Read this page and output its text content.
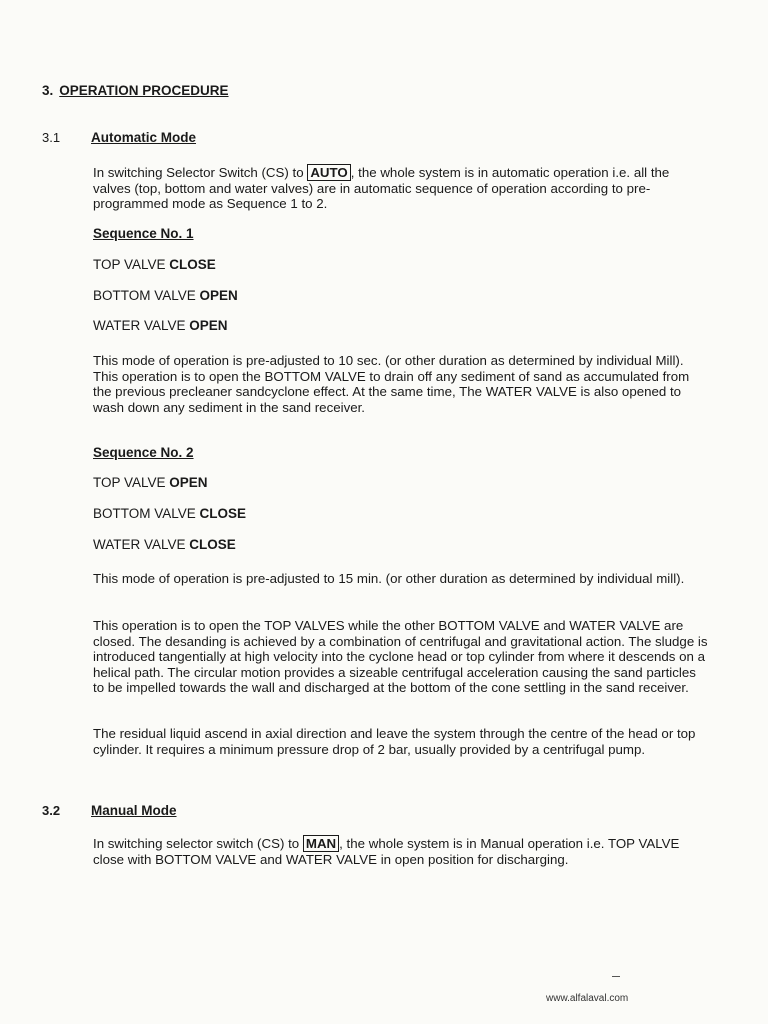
3. OPERATION PROCEDURE
3.1 Automatic Mode
In switching Selector Switch (CS) to AUTO , the whole system is in automatic operation i.e. all the valves (top, bottom and water valves) are in automatic sequence of operation according to pre-programmed mode as Sequence 1 to 2.
Sequence No. 1
TOP VALVE CLOSE
BOTTOM VALVE OPEN
WATER VALVE OPEN
This mode of operation is pre-adjusted to 10 sec. (or other duration as determined by individual Mill). This operation is to open the BOTTOM VALVE to drain off any sediment of sand as accumulated from the previous precleaner sandcyclone effect. At the same time, The WATER VALVE is also opened to wash down any sediment in the sand receiver.
Sequence No. 2
TOP VALVE OPEN
BOTTOM VALVE CLOSE
WATER VALVE CLOSE
This mode of operation is pre-adjusted to 15 min. (or other duration as determined by individual mill).
This operation is to open the TOP VALVES while the other BOTTOM VALVE and WATER VALVE are closed. The desanding is achieved by a combination of centrifugal and gravitational action. The sludge is introduced tangentially at high velocity into the cyclone head or top cylinder from where it descends on a helical path. The circular motion provides a sizeable centrifugal acceleration causing the sand particles to be impelled towards the wall and discharged at the bottom of the cone settling in the sand receiver.
The residual liquid ascend in axial direction and leave the system through the centre of the head or top cylinder. It requires a minimum pressure drop of 2 bar, usually provided by a centrifugal pump.
3.2 Manual Mode
In switching selector switch (CS) to MAN , the whole system is in Manual operation i.e. TOP VALVE close with BOTTOM VALVE and WATER VALVE in open position for discharging.
www.alfalaval.com
